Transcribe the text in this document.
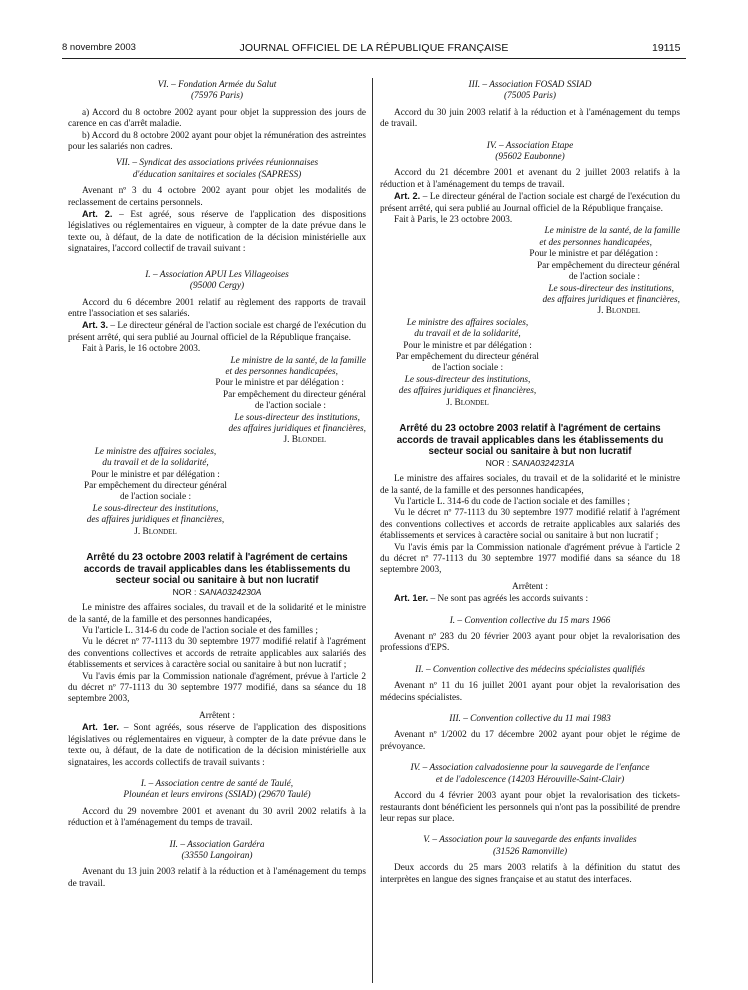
JOURNAL OFFICIEL DE LA RÉPUBLIQUE FRANÇAISE
8 novembre 2003	19115

VI. – Fondation Armée du Salut

(75976 Paris)

a) Accord du 8 octobre 2002 ayant pour objet la suppression des jours de carence en cas d'arrêt maladie.

b) Accord du 8 octobre 2002 ayant pour objet la rémunération des astreintes pour les salariés non cadres.

VII. – Syndicat des associations privées réunionnaises

d'éducation sanitaires et sociales (SAPRESS)

Avenant nº 3 du 4 octobre 2002 ayant pour objet les modalités de reclassement de certains personnels.

Art. 2. – Est agréé, sous réserve de l'application des dispositions législatives ou réglementaires en vigueur, à compter de la date prévue dans le texte ou, à défaut, de la date de notification de la décision ministérielle aux signataires, l'accord collectif de travail suivant :

I. – Association APUI Les Villageoises

(95000 Cergy)

Accord du 6 décembre 2001 relatif au règlement des rapports de travail entre l'association et ses salariés.

Art. 3. – Le directeur général de l'action sociale est chargé de l'exécution du présent arrêté, qui sera publié au Journal officiel de la République française.

Fait à Paris, le 16 octobre 2003.

Le ministre de la santé, de la famille

et des personnes handicapées,

Pour le ministre et par délégation :

Par empêchement du directeur général

de l'action sociale :

Le sous-directeur des institutions,

des affaires juridiques et financières,

J. Blondel

Le ministre des affaires sociales,

du travail et de la solidarité,

Pour le ministre et par délégation :

Par empêchement du directeur général

de l'action sociale :

Le sous-directeur des institutions,

des affaires juridiques et financières,

J. Blondel

Arrêté du 23 octobre 2003 relatif à l'agrément de certains accords de travail applicables dans les établissements du secteur social ou sanitaire à but non lucratif

NOR : SANA0324230A

Le ministre des affaires sociales, du travail et de la solidarité et le ministre de la santé, de la famille et des personnes handicapées,

Vu l'article L. 314-6 du code de l'action sociale et des familles ;

Vu le décret nº 77-1113 du 30 septembre 1977 modifié relatif à l'agrément des conventions collectives et accords de retraite applicables aux salariés des établissements et services à caractère social ou sanitaire à but non lucratif ;

Vu l'avis émis par la Commission nationale d'agrément, prévue à l'article 2 du décret nº 77-1113 du 30 septembre 1977 modifié, dans sa séance du 18 septembre 2003,

Arrêtent :

Art. 1er. – Sont agréés, sous réserve de l'application des dispositions législatives ou réglementaires en vigueur, à compter de la date prévue dans le texte ou, à défaut, de la date de notification de la décision ministérielle aux signataires, les accords collectifs de travail suivants :

I. – Association centre de santé de Taulé,

Plounéan et leurs environs (SSIAD) (29670 Taulé)

Accord du 29 novembre 2001 et avenant du 30 avril 2002 relatifs à la réduction et à l'aménagement du temps de travail.

II. – Association Gardéra

(33550 Langoiran)

Avenant du 13 juin 2003 relatif à la réduction et à l'aménagement du temps de travail.

III. – Association FOSAD SSIAD

(75005 Paris)

Accord du 30 juin 2003 relatif à la réduction et à l'aménagement du temps de travail.

IV. – Association Etape

(95602 Eaubonne)

Accord du 21 décembre 2001 et avenant du 2 juillet 2003 relatifs à la réduction et à l'aménagement du temps de travail.

Art. 2. – Le directeur général de l'action sociale est chargé de l'exécution du présent arrêté, qui sera publié au Journal officiel de la République française.

Fait à Paris, le 23 octobre 2003.

Le ministre de la santé, de la famille

et des personnes handicapées,

Pour le ministre et par délégation :

Par empêchement du directeur général

de l'action sociale :

Le sous-directeur des institutions,

des affaires juridiques et financières,

J. Blondel

Le ministre des affaires sociales,

du travail et de la solidarité,

Pour le ministre et par délégation :

Par empêchement du directeur général

de l'action sociale :

Le sous-directeur des institutions,

des affaires juridiques et financières,

J. Blondel

Arrêté du 23 octobre 2003 relatif à l'agrément de certains accords de travail applicables dans les établissements du secteur social ou sanitaire à but non lucratif

NOR : SANA0324231A

Le ministre des affaires sociales, du travail et de la solidarité et le ministre de la santé, de la famille et des personnes handicapées,

Vu l'article L. 314-6 du code de l'action sociale et des familles ;

Vu le décret nº 77-1113 du 30 septembre 1977 modifié relatif à l'agrément des conventions collectives et accords de retraite applicables aux salariés des établissements et services à caractère social ou sanitaire à but non lucratif ;

Vu l'avis émis par la Commission nationale d'agrément prévue à l'article 2 du décret nº 77-1113 du 30 septembre 1977 modifié dans sa séance du 18 septembre 2003,

Arrêtent :

Art. 1er. – Ne sont pas agréés les accords suivants :

I. – Convention collective du 15 mars 1966

Avenant nº 283 du 20 février 2003 ayant pour objet la revalorisation des professions d'EPS.

II. – Convention collective des médecins spécialistes qualifiés

Avenant nº 11 du 16 juillet 2001 ayant pour objet la revalorisation des médecins spécialistes.

III. – Convention collective du 11 mai 1983

Avenant nº 1/2002 du 17 décembre 2002 ayant pour objet le régime de prévoyance.

IV. – Association calvadosienne pour la sauvegarde de l'enfance

et de l'adolescence (14203 Hérouville-Saint-Clair)

Accord du 4 février 2003 ayant pour objet la revalorisation des tickets-restaurants dont bénéficient les personnels qui n'ont pas la possibilité de prendre leur repas sur place.

V. – Association pour la sauvegarde des enfants invalides

(31526 Ramonville)

Deux accords du 25 mars 2003 relatifs à la définition du statut des interprètes en langue des signes française et au statut des interfaces.
